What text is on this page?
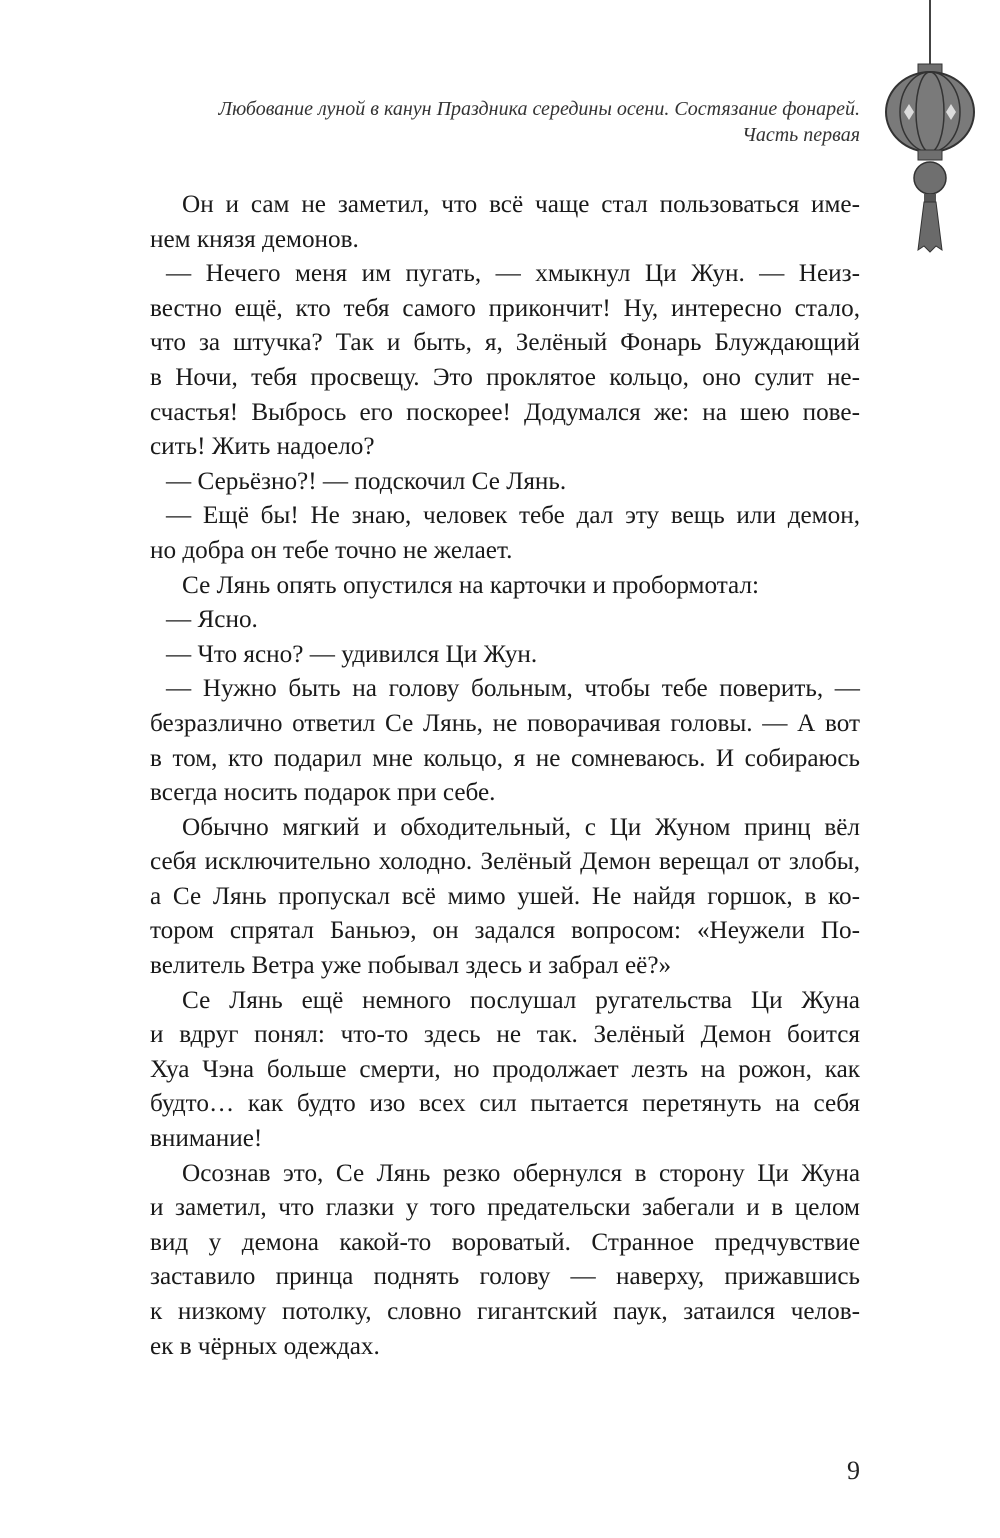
Любование луной в канун Праздника середины осени. Состязание фонарей.
Часть первая
Он и сам не заметил, что всё чаще стал пользоваться име-
нем князя демонов.
— Нечего меня им пугать, — хмыкнул Ци Жун. — Неиз-
вестно ещё, кто тебя самого прикончит! Ну, интересно стало,
что за штучка? Так и быть, я, Зелёный Фонарь Блуждающий
в Ночи, тебя просвещу. Это проклятое кольцо, оно сулит не-
счастья! Выбрось его поскорее! Додумался же: на шею пове-
сить! Жить надоело?
— Серьёзно?! — подскочил Се Лянь.
— Ещё бы! Не знаю, человек тебе дал эту вещь или демон,
но добра он тебе точно не желает.
Се Лянь опять опустился на карточки и пробормотал:
— Ясно.
— Что ясно? — удивился Ци Жун.
— Нужно быть на голову больным, чтобы тебе поверить, —
безразлично ответил Се Лянь, не поворачивая головы. — А вот
в том, кто подарил мне кольцо, я не сомневаюсь. И собираюсь
всегда носить подарок при себе.
Обычно мягкий и обходительный, с Ци Жуном принц вёл
себя исключительно холодно. Зелёный Демон верещал от злобы,
а Се Лянь пропускал всё мимо ушей. Не найдя горшок, в ко-
тором спрятал Баньюэ, он задался вопросом: «Неужели По-
велитель Ветра уже побывал здесь и забрал её?»
Се Лянь ещё немного послушал ругательства Ци Жуна
и вдруг понял: что-то здесь не так. Зелёный Демон боится
Хуа Чэна больше смерти, но продолжает лезть на рожон, как
будто… как будто изо всех сил пытается перетянуть на себя
внимание!
Осознав это, Се Лянь резко обернулся в сторону Ци Жуна
и заметил, что глазки у того предательски забегали и в целом
вид у демона какой-то вороватый. Странное предчувствие
заставило принца поднять голову — наверху, прижавшись
к низкому потолку, словно гигантский паук, затаился челов-
ек в чёрных одеждах.
9
